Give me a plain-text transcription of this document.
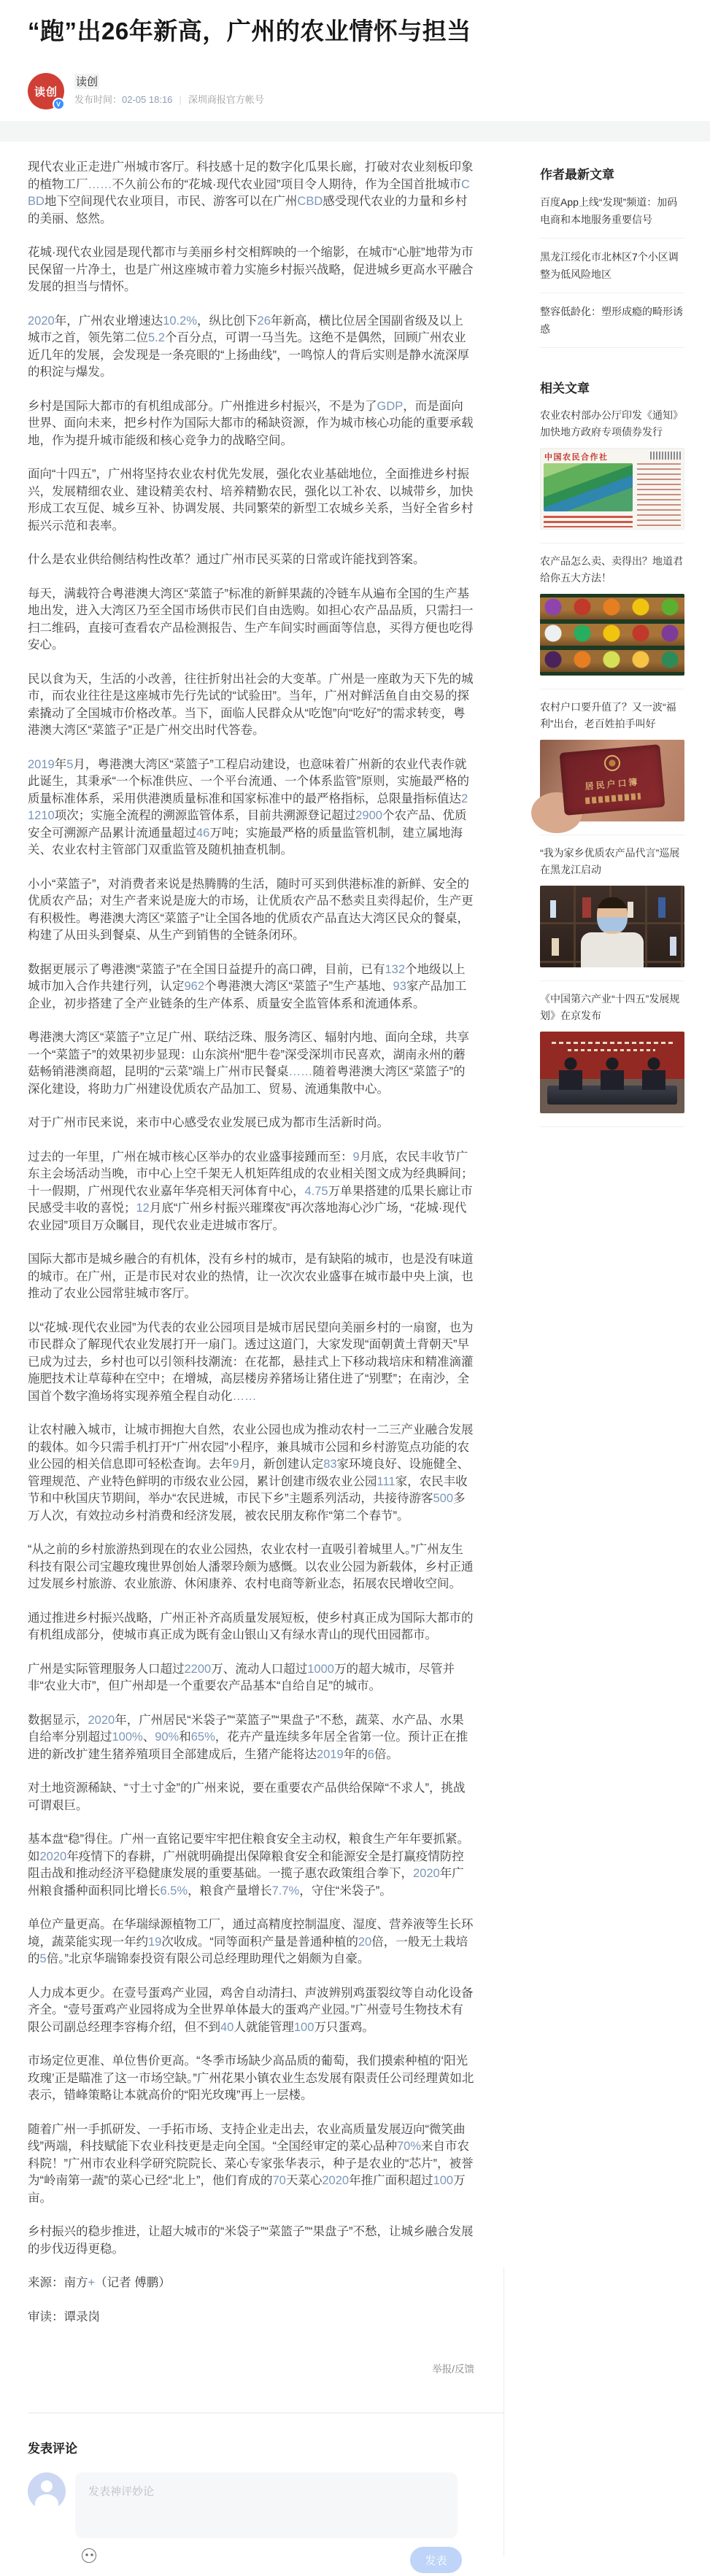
“跑”出26年新高，广州的农业情怀与担当
读创
V
读创
发布时间：02-05 18:16 | 深圳商报官方帐号

现代农业正走进广州城市客厅。科技感十足的数字化瓜果长廊，打破对农业刻板印象的植物工厂……不久前公布的“花城·现代农业园”项目令人期待，作为全国首批城市CBD地下空间现代农业项目，市民、游客可以在广州CBD感受现代农业的力量和乡村的美丽、悠然。

花城·现代农业园是现代都市与美丽乡村交相辉映的一个缩影，在城市“心脏”地带为市民保留一片净土，也是广州这座城市着力实施乡村振兴战略，促进城乡更高水平融合发展的担当与情怀。

2020年，广州农业增速达10.2%，纵比创下26年新高，横比位居全国副省级及以上城市之首，领先第二位5.2个百分点，可谓一马当先。这绝不是偶然，回顾广州农业近几年的发展，会发现是一条亮眼的“上扬曲线”，一鸣惊人的背后实则是静水流深厚的积淀与爆发。

乡村是国际大都市的有机组成部分。广州推进乡村振兴，不是为了GDP，而是面向世界、面向未来，把乡村作为国际大都市的稀缺资源，作为城市核心功能的重要承载地，作为提升城市能级和核心竞争力的战略空间。

面向“十四五”，广州将坚持农业农村优先发展，强化农业基础地位，全面推进乡村振兴，发展精细农业、建设精美农村、培养精勤农民，强化以工补农、以城带乡，加快形成工农互促、城乡互补、协调发展、共同繁荣的新型工农城乡关系，当好全省乡村振兴示范和表率。

什么是农业供给侧结构性改革？通过广州市民买菜的日常或许能找到答案。

每天，满载符合粤港澳大湾区“菜篮子”标准的新鲜果蔬的冷链车从遍布全国的生产基地出发，进入大湾区乃至全国市场供市民们自由选购。如担心农产品品质，只需扫一扫二维码，直接可查看农产品检测报告、生产车间实时画面等信息，买得方便也吃得安心。

民以食为天，生活的小改善，往往折射出社会的大变革。广州是一座敢为天下先的城市，而农业往往是这座城市先行先试的“试验田”。当年，广州对鲜活鱼自由交易的探索撬动了全国城市价格改革。当下，面临人民群众从“吃饱”向“吃好”的需求转变，粤港澳大湾区“菜篮子”正是广州交出时代答卷。

2019年5月，粤港澳大湾区“菜篮子”工程启动建设，也意味着广州新的农业代表作就此诞生，其秉承“一个标准供应、一个平台流通、一个体系监管”原则，实施最严格的质量标准体系，采用供港澳质量标准和国家标准中的最严格指标，总限量指标值达21210项次；实施全流程的溯源监管体系，目前共溯源登记超过2900个农产品、优质安全可溯源产品累计流通量超过46万吨；实施最严格的质量监管机制，建立属地海关、农业农村主管部门双重监管及随机抽查机制。

小小“菜篮子”，对消费者来说是热腾腾的生活，随时可买到供港标准的新鲜、安全的优质农产品；对生产者来说是庞大的市场，让优质农产品不愁卖且卖得起价，生产更有积极性。粤港澳大湾区“菜篮子”让全国各地的优质农产品直达大湾区民众的餐桌，构建了从田头到餐桌、从生产到销售的全链条闭环。

数据更展示了粤港澳“菜篮子”在全国日益提升的高口碑，目前，已有132个地级以上城市加入合作共建行列，认定962个粤港澳大湾区“菜篮子”生产基地、93家产品加工企业，初步搭建了全产业链条的生产体系、质量安全监管体系和流通体系。

粤港澳大湾区“菜篮子”立足广州、联结泛珠、服务湾区、辐射内地、面向全球，共享一个“菜篮子”的效果初步显现：山东滨州“肥牛卷”深受深圳市民喜欢，湖南永州的蘑菇畅销港澳商超，昆明的“云菜”端上广州市民餐桌……随着粤港澳大湾区“菜篮子”的深化建设，将助力广州建设优质农产品加工、贸易、流通集散中心。

对于广州市民来说，来市中心感受农业发展已成为都市生活新时尚。

过去的一年里，广州在城市核心区举办的农业盛事接踵而至：9月底，农民丰收节广东主会场活动当晚，市中心上空千架无人机矩阵组成的农业相关图文成为经典瞬间；十一假期，广州现代农业嘉年华亮相天河体育中心，4.75万单果搭建的瓜果长廊让市民感受丰收的喜悦；12月底“广州乡村振兴璀璨夜”再次落地海心沙广场，“花城·现代农业园”项目万众瞩目，现代农业走进城市客厅。

国际大都市是城乡融合的有机体，没有乡村的城市，是有缺陷的城市，也是没有味道的城市。在广州，正是市民对农业的热情，让一次次农业盛事在城市最中央上演，也推动了农业公园常驻城市客厅。

以“花城·现代农业园”为代表的农业公园项目是城市居民望向美丽乡村的一扇窗，也为市民群众了解现代农业发展打开一扇门。透过这道门，大家发现“面朝黄土背朝天”早已成为过去，乡村也可以引领科技潮流：在花都，悬挂式上下移动栽培床和精准滴灌施肥技术让草莓种在空中；在增城，高层楼房养猪场让猪住进了“别墅”；在南沙，全国首个数字渔场将实现养殖全程自动化……

让农村融入城市，让城市拥抱大自然，农业公园也成为推动农村一二三产业融合发展的载体。如今只需手机打开“广州农园”小程序，兼具城市公园和乡村游览点功能的农业公园的相关信息即可轻松查询。去年9月，新创建认定83家环境良好、设施健全、管理规范、产业特色鲜明的市级农业公园，累计创建市级农业公园111家，农民丰收节和中秋国庆节期间，举办“农民进城，市民下乡”主题系列活动，共接待游客500多万人次，有效拉动乡村消费和经济发展，被农民朋友称作“第二个春节”。

“从之前的乡村旅游热到现在的农业公园热，农业农村一直吸引着城里人。”广州友生科技有限公司宝趣玫瑰世界创始人潘翠玲颇为感慨。以农业公园为新载体，乡村正通过发展乡村旅游、农业旅游、休闲康养、农村电商等新业态，拓展农民增收空间。

通过推进乡村振兴战略，广州正补齐高质量发展短板，使乡村真正成为国际大都市的有机组成部分，使城市真正成为既有金山银山又有绿水青山的现代田园都市。

广州是实际管理服务人口超过2200万、流动人口超过1000万的超大城市，尽管并非“农业大市”，但广州却是一个重要农产品基本“自给自足”的城市。

数据显示，2020年，广州居民“米袋子”“菜篮子”“果盘子”不愁，蔬菜、水产品、水果自给率分别超过100%、90%和65%，花卉产量连续多年居全省第一位。预计正在推进的新改扩建生猪养殖项目全部建成后，生猪产能将达2019年的6倍。

对土地资源稀缺、“寸土寸金”的广州来说，要在重要农产品供给保障“不求人”，挑战可谓艰巨。

基本盘“稳”得住。广州一直铭记要牢牢把住粮食安全主动权，粮食生产年年要抓紧。如2020年疫情下的春耕，广州就明确提出保障粮食安全和能源安全是打赢疫情防控阻击战和推动经济平稳健康发展的重要基础。一揽子惠农政策组合拳下，2020年广州粮食播种面积同比增长6.5%，粮食产量增长7.7%，守住“米袋子”。

单位产量更高。在华瑞绿源植物工厂，通过高精度控制温度、湿度、营养液等生长环境，蔬菜能实现一年约19次收成。“同等面积产量是普通种植的20倍，一般无土栽培的5倍。”北京华瑞锦泰投资有限公司总经理助理代之娟颇为自豪。

人力成本更少。在壹号蛋鸡产业园，鸡舍自动清扫、声波辨别鸡蛋裂纹等自动化设备齐全。“壹号蛋鸡产业园将成为全世界单体最大的蛋鸡产业园。”广州壹号生物技术有限公司副总经理李容梅介绍，但不到40人就能管理100万只蛋鸡。

市场定位更准、单位售价更高。“冬季市场缺少高品质的葡萄，我们摸索种植的‘阳光玫瑰’正是瞄准了这一市场空缺。”广州花果小镇农业生态发展有限责任公司经理黄如北表示，错峰策略让本就高价的“阳光玫瑰”再上一层楼。

随着广州一手抓研发、一手拓市场、支持企业走出去，农业高质量发展迈向“微笑曲线”两端，科技赋能下农业科技更是走向全国。“全国经审定的菜心品种70%来自市农科院！”广州市农业科学研究院院长、菜心专家张华表示，种子是农业的“芯片”，被誉为“岭南第一蔬”的菜心已经“北上”，他们育成的70天菜心2020年推广面积超过100万亩。

乡村振兴的稳步推进，让超大城市的“米袋子”“菜篮子”“果盘子”不愁，让城乡融合发展的步伐迈得更稳。

来源：南方+（记者 傅鹏）

审读：谭录岗

举报/反馈
发表评论
发表神评妙论
发表
作者最新文章
百度App上线“发现”频道：加码电商和本地服务重要信号
黑龙江绥化市北林区7个小区调整为低风险地区
整容低龄化：塑形成瘾的畸形诱惑
相关文章
农业农村部办公厅印发《通知》加快地方政府专项债券发行
中国农民合作社
农产品怎么卖、卖得出？地道君给你五大方法！
农村户口要升值了？又一波“福利”出台，老百姓拍手叫好
居民户口簿
“我为家乡优质农产品代言”巡展在黑龙江启动
《中国第六产业“十四五”发展规划》在京发布
